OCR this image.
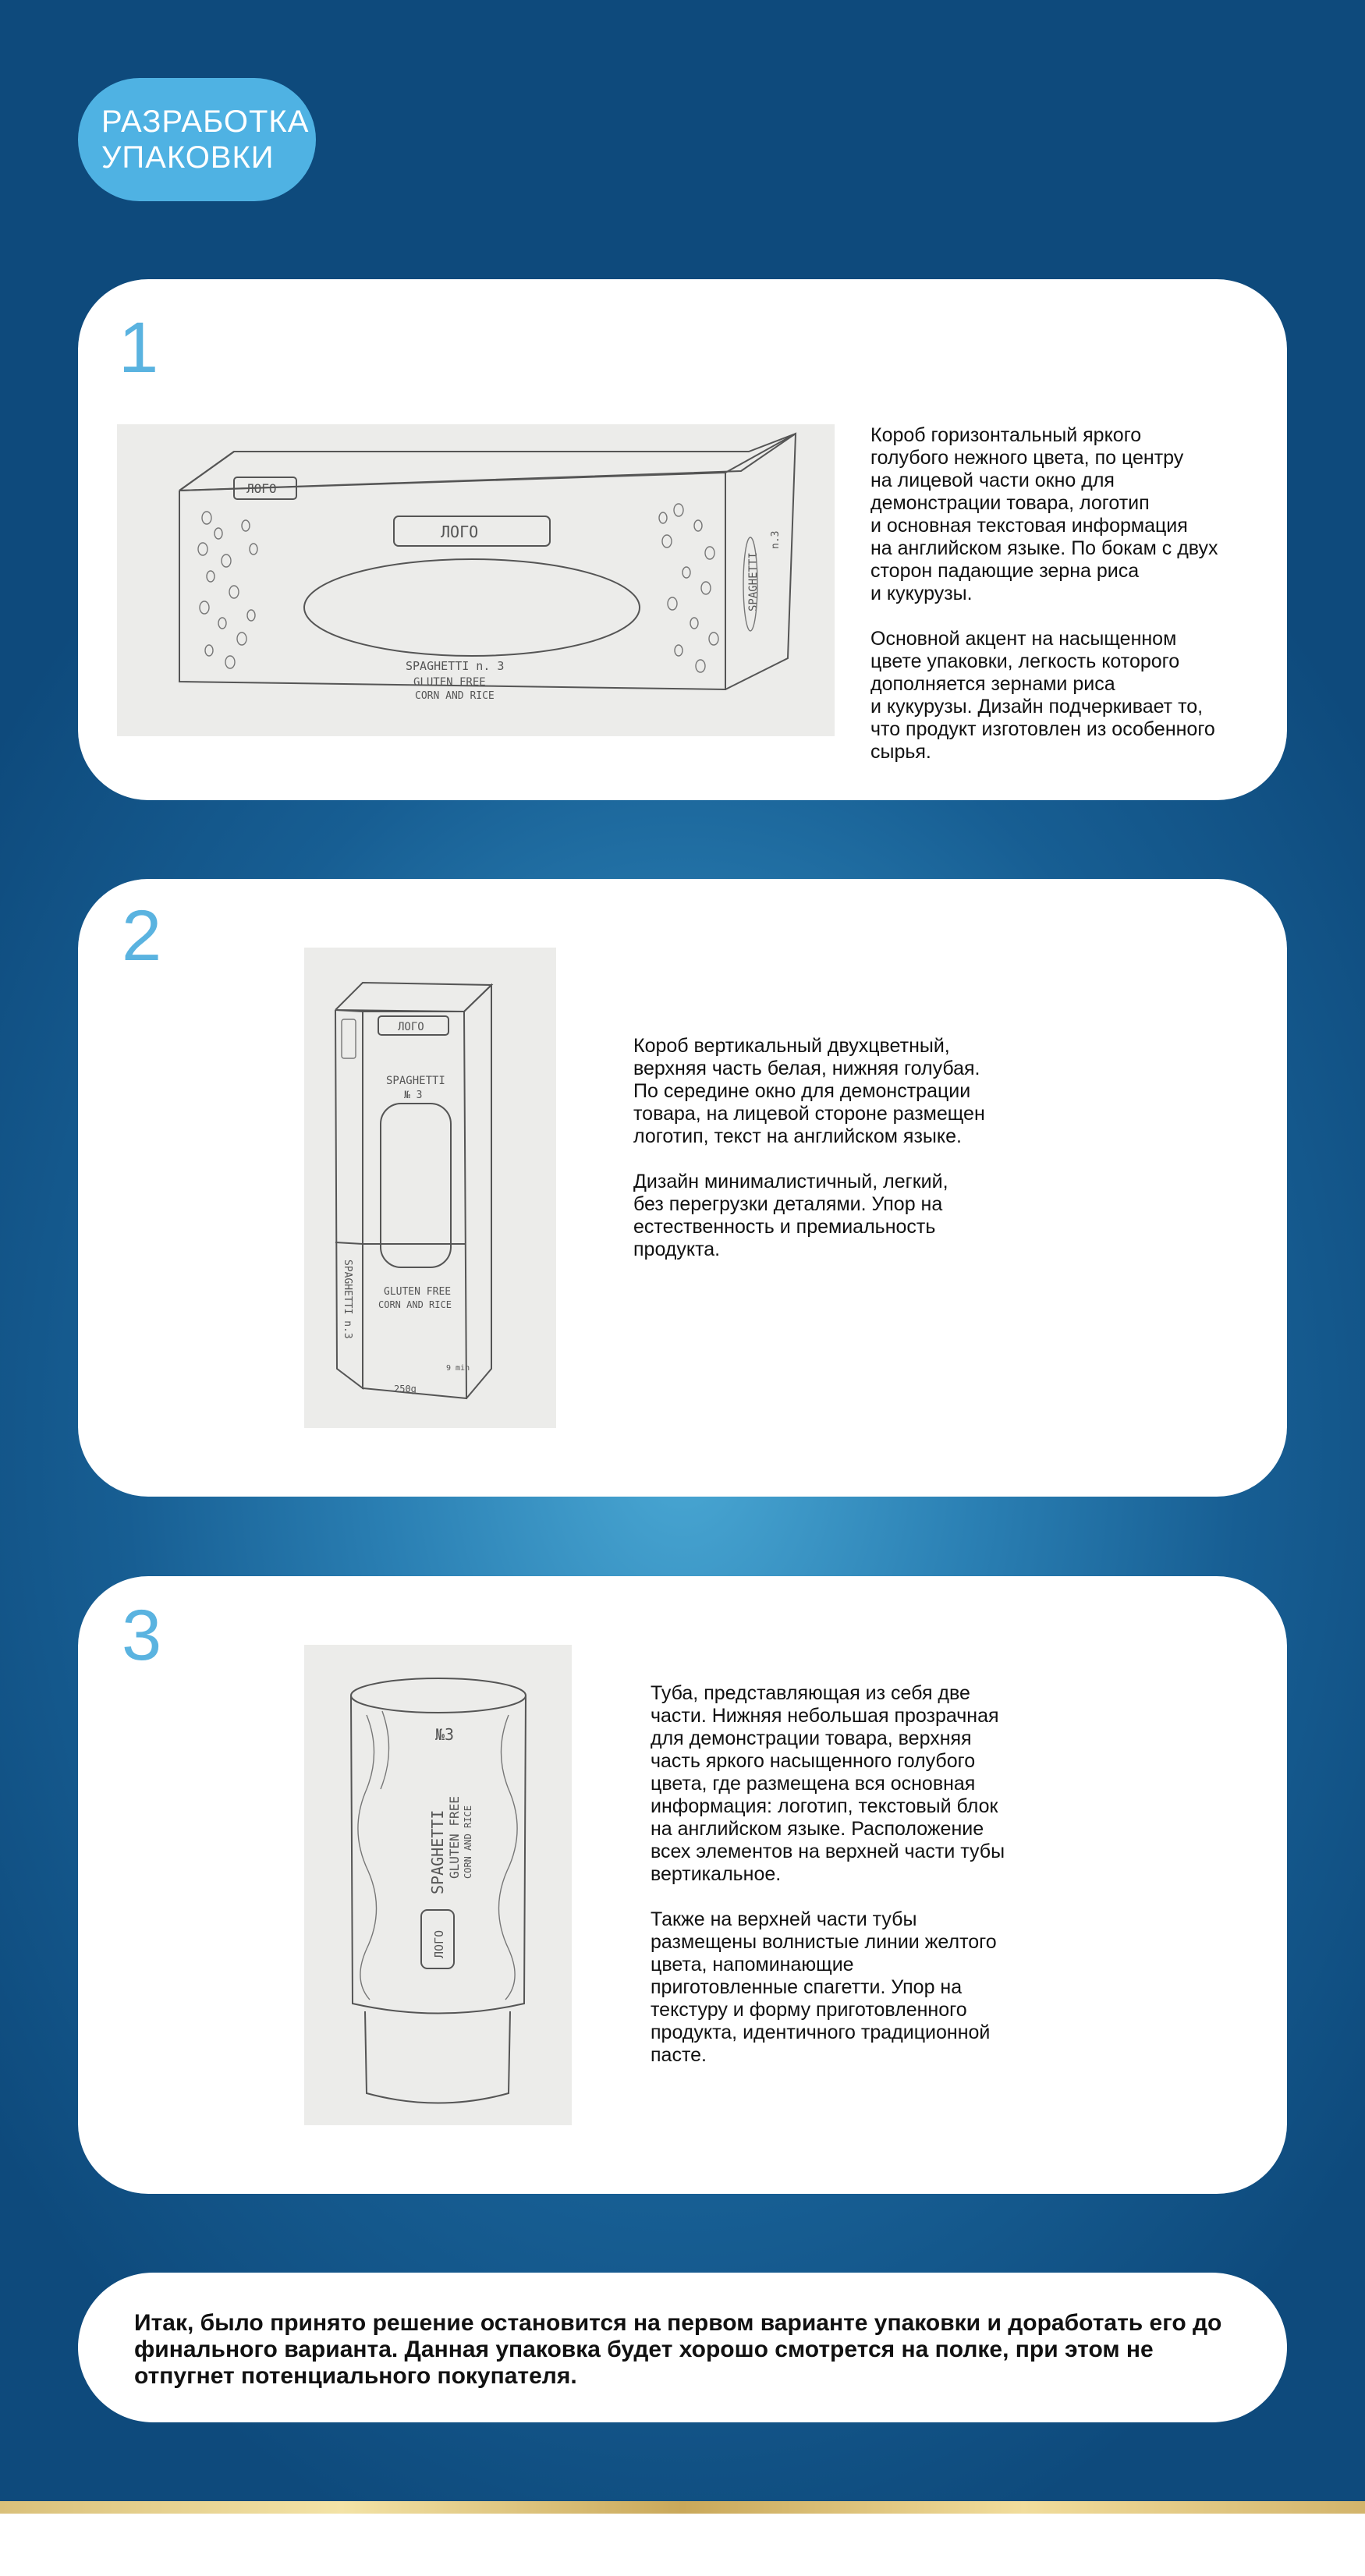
РАЗРАБОТКА
УПАКОВКИ
1
ЛОГО
ЛОГО
SPAGHETTI n. 3
GLUTEN FREE
CORN AND RICE
SPAGHETTI
n.3
Короб горизонтальный яркого
голубого нежного цвета, по центру
на лицевой части окно для
демонстрации товара, логотип
и основная текстовая информация
на английском языке. По бокам с двух
сторон падающие зерна риса
и кукурузы.

Основной акцент на насыщенном
цвете упаковки, легкость которого
дополняется зернами риса
и кукурузы. Дизайн подчеркивает то,
что продукт изготовлен из особенного
сырья.
2
ЛОГО
SPAGHETTI
№ 3
GLUTEN FREE
CORN AND RICE
SPAGHETTI n.3
250g
9 min
Короб вертикальный двухцветный,
верхняя часть белая, нижняя голубая.
По середине окно для демонстрации
товара, на лицевой стороне размещен
логотип, текст на английском языке.

Дизайн минималистичный, легкий,
без перегрузки деталями. Упор на
естественность и премиальность
продукта.
3
№3
SPAGHETTI GLUTEN FREE CORN AND RICE
ЛОГО
Туба, представляющая из себя две
части. Нижняя небольшая прозрачная
для демонстрации товара, верхняя
часть яркого насыщенного голубого
цвета, где размещена вся основная
информация: логотип, текстовый блок
на английском языке. Расположение
всех элементов на верхней части тубы
вертикальное.

Также на верхней части тубы
размещены волнистые линии желтого
цвета, напоминающие
приготовленные спагетти. Упор на
текстуру и форму приготовленного
продукта, идентичного традиционной
пасте.
Итак, было принято решение остановится на первом варианте упаковки и доработать его до финального варианта. Данная упаковка будет хорошо смотрется на полке, при этом не отпугнет потенциального покупателя.
